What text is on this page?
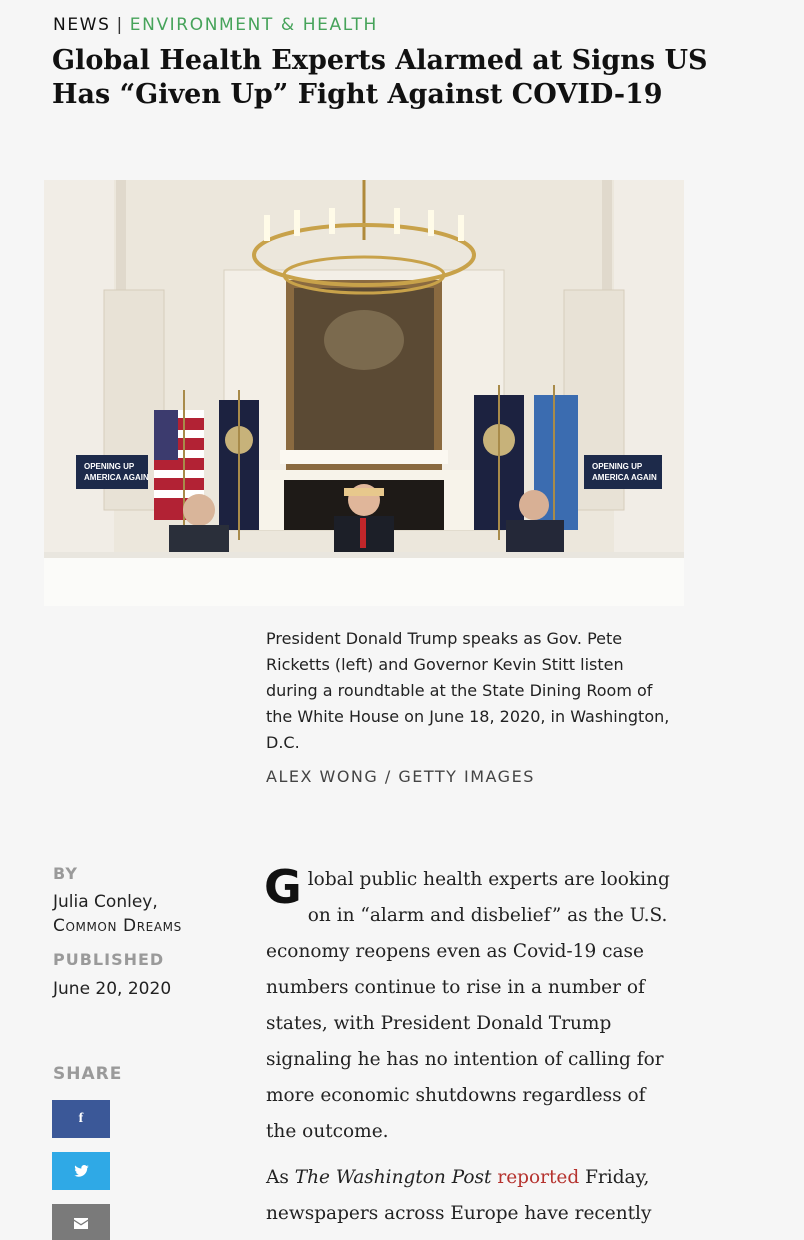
NEWS | ENVIRONMENT & HEALTH
Global Health Experts Alarmed at Signs US Has “Given Up” Fight Against COVID-19
OPENING UP
AMERICA AGAIN
OPENING UP
AMERICA AGAIN

President Donald Trump speaks as Gov. Pete Ricketts (left) and Governor Kevin Stitt listen during a roundtable at the State Dining Room of the White House on June 18, 2020, in Washington, D.C.

ALEX WONG / GETTY IMAGES
BY
Julia Conley,
Common Dreams
PUBLISHED
June 20, 2020
SHARE
f

Global public health experts are looking on in “alarm and disbelief” as the U.S. economy reopens even as Covid-19 case numbers continue to rise in a number of states, with President Donald Trump signaling he has no intention of calling for more economic shutdowns regardless of the outcome.

As The Washington Post reported Friday, newspapers across Europe have recently
